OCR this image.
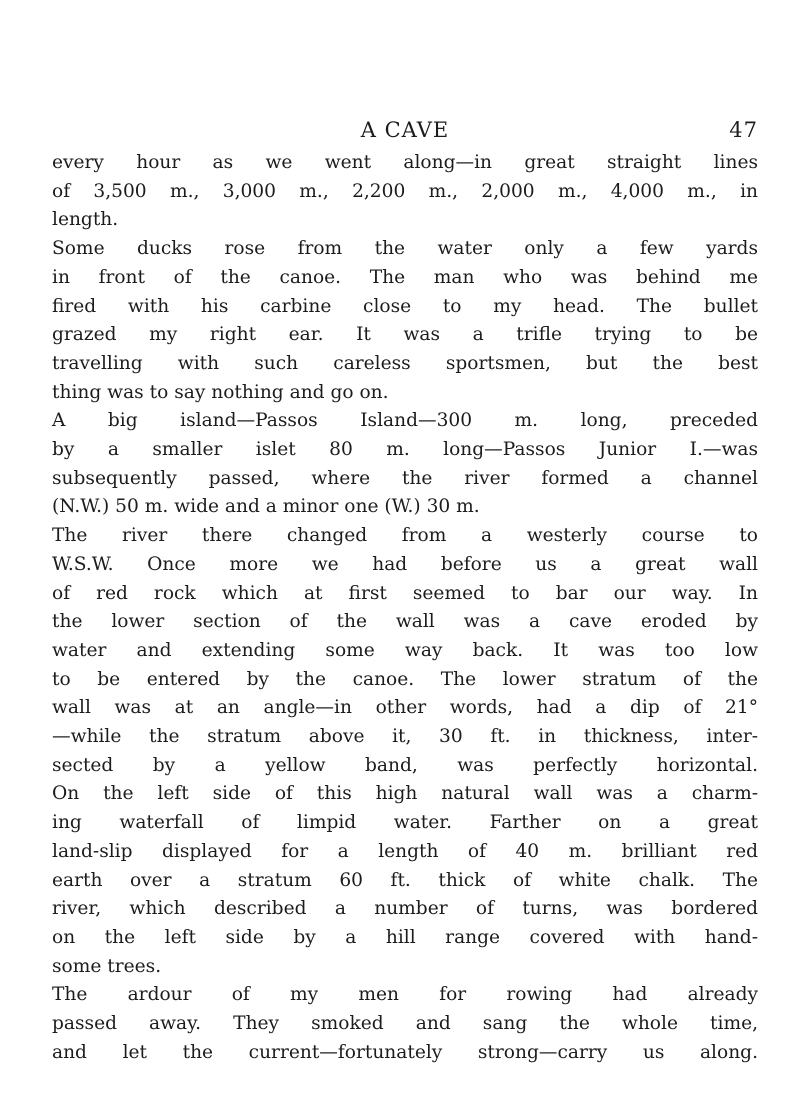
A CAVE	47
every hour as we went along—in great straight lines
of 3,500 m., 3,000 m., 2,200 m., 2,000 m., 4,000 m., in
length.
Some ducks rose from the water only a few yards
in front of the canoe. The man who was behind me
fired with his carbine close to my head. The bullet
grazed my right ear. It was a trifle trying to be
travelling with such careless sportsmen, but the best
thing was to say nothing and go on.
A big island—Passos Island—300 m. long, preceded
by a smaller islet 80 m. long—Passos Junior I.—was
subsequently passed, where the river formed a channel
(N.W.) 50 m. wide and a minor one (W.) 30 m.
The river there changed from a westerly course to
W.S.W. Once more we had before us a great wall
of red rock which at first seemed to bar our way. In
the lower section of the wall was a cave eroded by
water and extending some way back. It was too low
to be entered by the canoe. The lower stratum of the
wall was at an angle—in other words, had a dip of 21°
—while the stratum above it, 30 ft. in thickness, inter-
sected by a yellow band, was perfectly horizontal.
On the left side of this high natural wall was a charm-
ing waterfall of limpid water. Farther on a great
land-slip displayed for a length of 40 m. brilliant red
earth over a stratum 60 ft. thick of white chalk. The
river, which described a number of turns, was bordered
on the left side by a hill range covered with hand-
some trees.
The ardour of my men for rowing had already
passed away. They smoked and sang the whole time,
and let the current—fortunately strong—carry us along.
